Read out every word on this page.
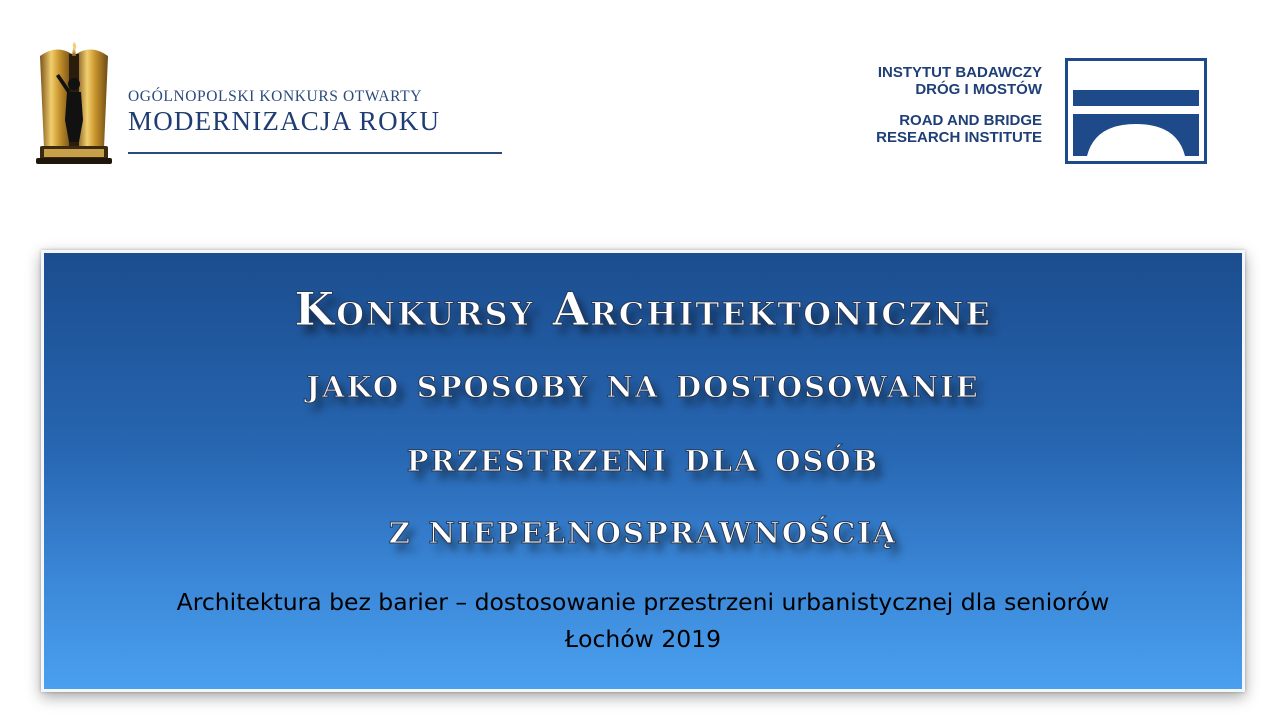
OGÓLNOPOLSKI KONKURS OTWARTY
MODERNIZACJA ROKU
INSTYTUT BADAWCZY
DRÓG I MOSTÓW
ROAD AND BRIDGE
RESEARCH INSTITUTE
Konkursy Architektoniczne
jako sposoby na dostosowanie
przestrzeni dla osób
z niepełnosprawnością
Architektura bez barier – dostosowanie przestrzeni urbanistycznej dla seniorów
Łochów 2019
